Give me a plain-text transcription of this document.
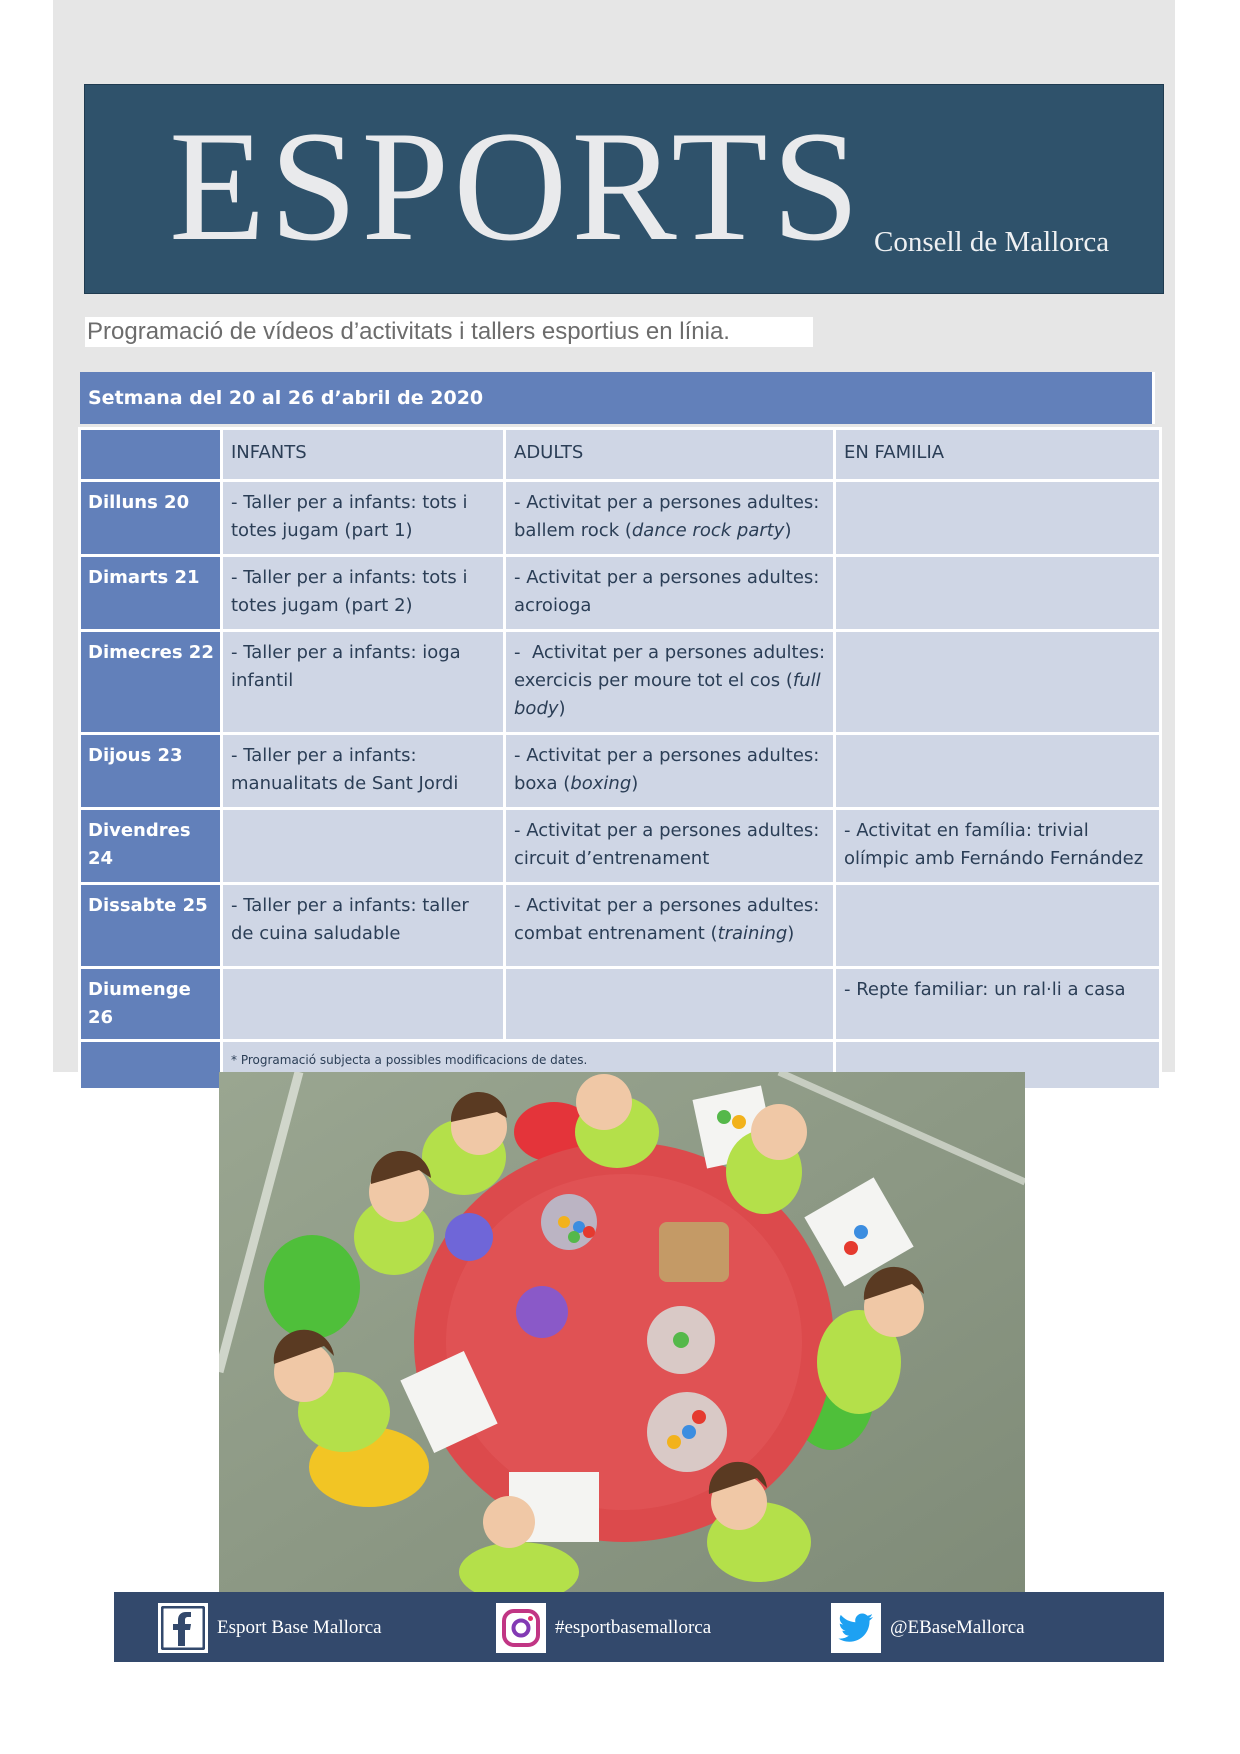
ESPORTS Consell de Mallorca
Programació de vídeos d’activitats i tallers esportius en línia.
Setmana del 20 al 26 d’abril de 2020
	INFANTS	ADULTS	EN FAMILIA
Dilluns 20	- Taller per a infants: tots i totes jugam (part 1)	- Activitat per a persones adultes: ballem rock (dance rock party)	
Dimarts 21	- Taller per a infants: tots i totes jugam (part 2)	- Activitat per a persones adultes: acroioga	
Dimecres 22	- Taller per a infants: ioga infantil	-  Activitat per a persones adultes: exercicis per moure tot el cos (full body)	
Dijous 23	- Taller per a infants: manualitats de Sant Jordi	- Activitat per a persones adultes: boxa (boxing)	
Divendres 24		- Activitat per a persones adultes: circuit d’entrenament	- Activitat en família: trivial olímpic amb Fernándo Fernández
Dissabte 25	- Taller per a infants: taller de cuina saludable	- Activitat per a persones adultes: combat entrenament (training)	
Diumenge 26			- Repte familiar: un ral·li a casa
	* Programació subjecta a possibles modificacions de dates.		
Esport Base Mallorca	#esportbasemallorca	@EBaseMallorca
